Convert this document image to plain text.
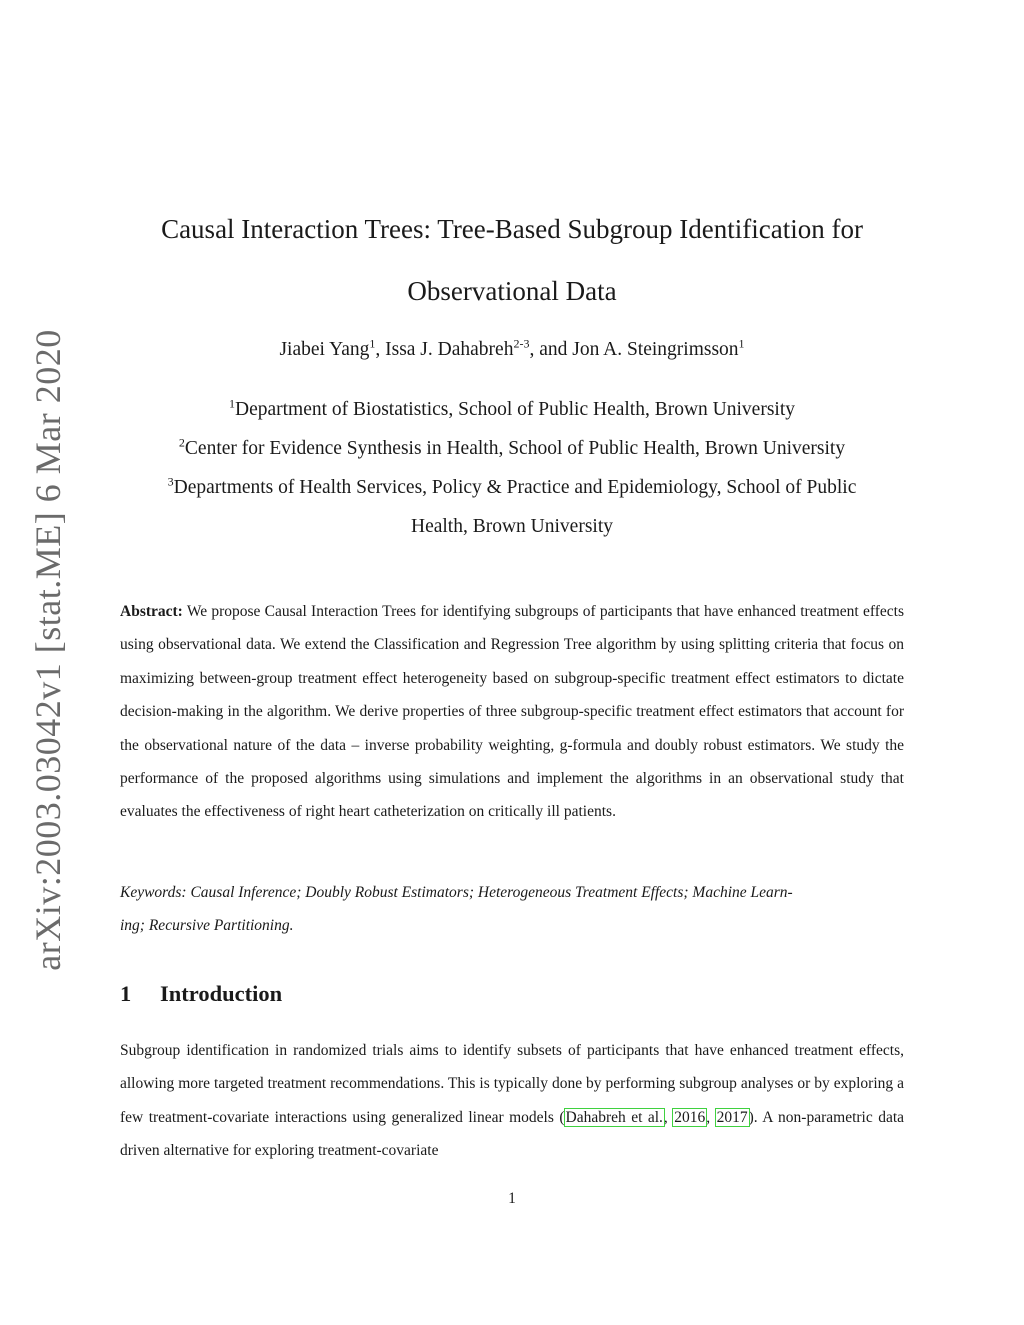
arXiv:2003.03042v1 [stat.ME] 6 Mar 2020
Causal Interaction Trees: Tree-Based Subgroup Identification for
Observational Data
Jiabei Yang$^1$, Issa J. Dahabreh$^{2-3}$, and Jon A. Steingrimsson$^1$
$^1$Department of Biostatistics, School of Public Health, Brown University
$^2$Center for Evidence Synthesis in Health, School of Public Health, Brown University
$^3$Departments of Health Services, Policy & Practice and Epidemiology, School of Public
Health, Brown University
Abstract: We propose Causal Interaction Trees for identifying subgroups of participants that have enhanced treatment effects using observational data. We extend the Classification and Regression Tree algorithm by using splitting criteria that focus on maximizing between-group treatment effect heterogeneity based on subgroup-specific treatment effect estimators to dictate decision-making in the algorithm. We derive properties of three subgroup-specific treatment effect estimators that account for the observational nature of the data – inverse probability weighting, g-formula and doubly robust estimators. We study the performance of the proposed algorithms using simulations and implement the algorithms in an observational study that evaluates the effectiveness of right heart catheterization on critically ill patients.
Keywords: Causal Inference; Doubly Robust Estimators; Heterogeneous Treatment Effects; Machine Learn-
ing; Recursive Partitioning.
1 Introduction
Subgroup identification in randomized trials aims to identify subsets of participants that have enhanced treatment effects, allowing more targeted treatment recommendations. This is typically done by performing subgroup analyses or by exploring a few treatment-covariate interactions using generalized linear models (Dahabreh et al., 2016, 2017). A non-parametric data driven alternative for exploring treatment-covariate
1
